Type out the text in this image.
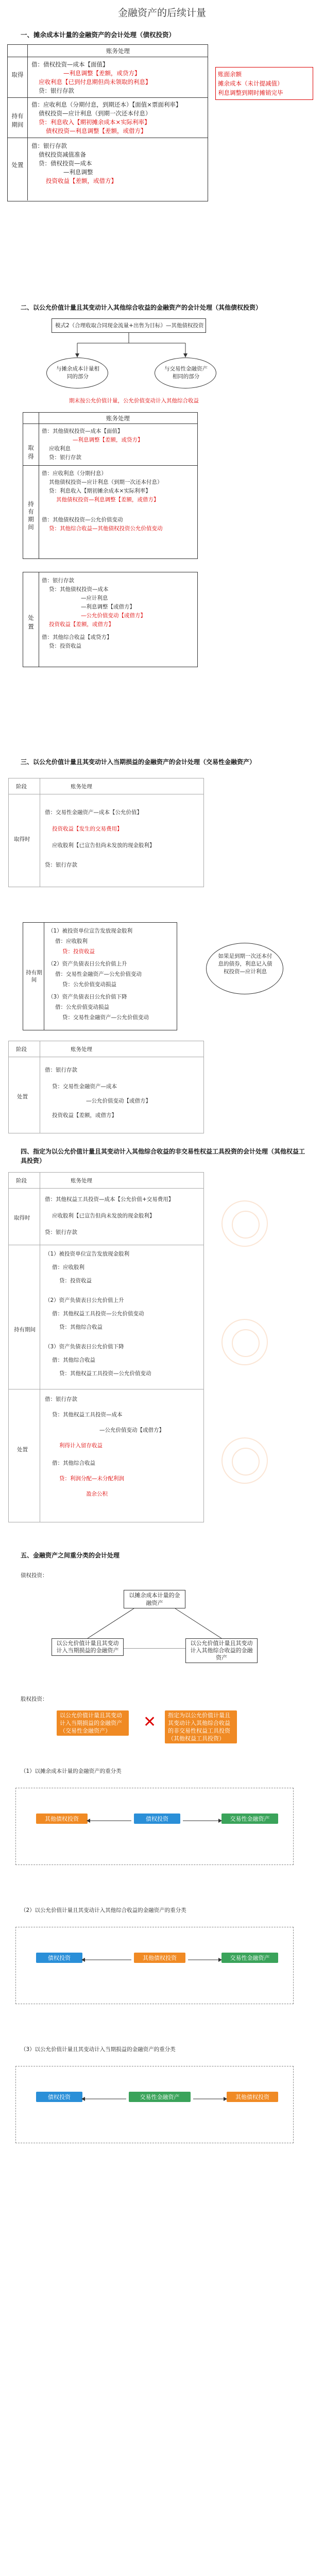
金融资产的后续计量
一、摊余成本计量的金融资产的会计处理（债权投资）
账务处理
取得
借：债权投资—成本【面值】
—利息调整【差额，或贷方】
应收利息【已到付息期但尚未领取的利息】
贷：银行存款
持有期间
借：应收利息（分期付息，到期还本）【面值×票面利率】
债权投资—应计利息（到期一次还本付息）
贷：利息收入【期初摊余成本×实际利率】
债权投资—利息调整【差额，或借方】
处置
借：银行存款
债权投资减值准备
贷：债权投资—成本
—利息调整
投资收益【差额，或借方】
账面余额
摊余成本（未计提减值）
利息调整到期时摊销完毕
二、以公允价值计量且其变动计入其他综合收益的金融资产的会计处理（其他债权投资）
模式2（合理收取合同现金流量+出售为目标）—其他债权投资
与摊余成本计量相同的部分
与交易性金融资产相同的部分
期末按公允价值计量，公允价值变动计入其他综合收益
账务处理
取得
借：其他债权投资—成本【面值】
—利息调整【差额，或贷方】
应收利息
贷：银行存款
持有期间
借：应收利息（分期付息）
其他债权投资—应计利息（到期一次还本付息）
贷：利息收入【期初摊余成本×实际利率】
其他债权投资—利息调整【差额，或借方】
借：其他债权投资—公允价值变动
贷：其他综合收益—其他债权投资公允价值变动
处置
借：银行存款
贷：其他债权投资—成本
—应计利息
—利息调整【或借方】
—公允价值变动【或借方】
投资收益【差额，或借方】
借：其他综合收益【或贷方】
贷：投资收益
三、以公允价值计量且其变动计入当期损益的金融资产的会计处理（交易性金融资产）
阶段	账务处理
取得时
借：交易性金融资产—成本【公允价值】
投资收益【发生的交易费用】
应收股利【已宣告但尚未发放的现金股利】
贷：银行存款
持有期间
（1）被投资单位宣告发放现金股利
借：应收股利
贷：投资收益
（2）资产负债表日公允价值上升
借：交易性金融资产—公允价值变动
贷：公允价值变动损益
（3）资产负债表日公允价值下降
借：公允价值变动损益
贷：交易性金融资产—公允价值变动
如果是到期一次还本付息的债券，利息记入债权投资—应计利息
阶段	账务处理
处置
借：银行存款
贷：交易性金融资产—成本
—公允价值变动【或借方】
投资收益【差额，或借方】
四、指定为以公允价值计量且其变动计入其他综合收益的非交易性权益工具投资的会计处理（其他权益工具投资）
阶段	账务处理
取得时
借：其他权益工具投资—成本【公允价值+交易费用】
应收股利【已宣告但尚未发放的现金股利】
贷：银行存款
持有期间
（1）被投资单位宣告发放现金股利
借：应收股利
贷：投资收益
（2）资产负债表日公允价值上升
借：其他权益工具投资—公允价值变动
贷：其他综合收益
（3）资产负债表日公允价值下降
借：其他综合收益
贷：其他权益工具投资—公允价值变动
处置
借：银行存款
贷：其他权益工具投资—成本
—公允价值变动【或借方】
利得计入留存收益
借：其他综合收益
贷：利润分配—未分配利润
盈余公积
五、金融资产之间重分类的会计处理
债权投资：
以摊余成本计量的金融资产
以公允价值计量且其变动计入当期损益的金融资产
以公允价值计量且其变动计入其他综合收益的金融资产
股权投资：
以公允价值计量且其变动计入当期损益的金融资产（交易性金融资产）	✕	指定为以公允价值计量且其变动计入其他综合收益的非交易性权益工具投资（其他权益工具投资）
（1）以摊余成本计量的金融资产的重分类
债权投资
其他债权投资	交易性金融资产
（2）以公允价值计量且其变动计入其他综合收益的金融资产的重分类
其他债权投资
债权投资	交易性金融资产
（3）以公允价值计量且其变动计入当期损益的金融资产的重分类
交易性金融资产
债权投资	其他债权投资
